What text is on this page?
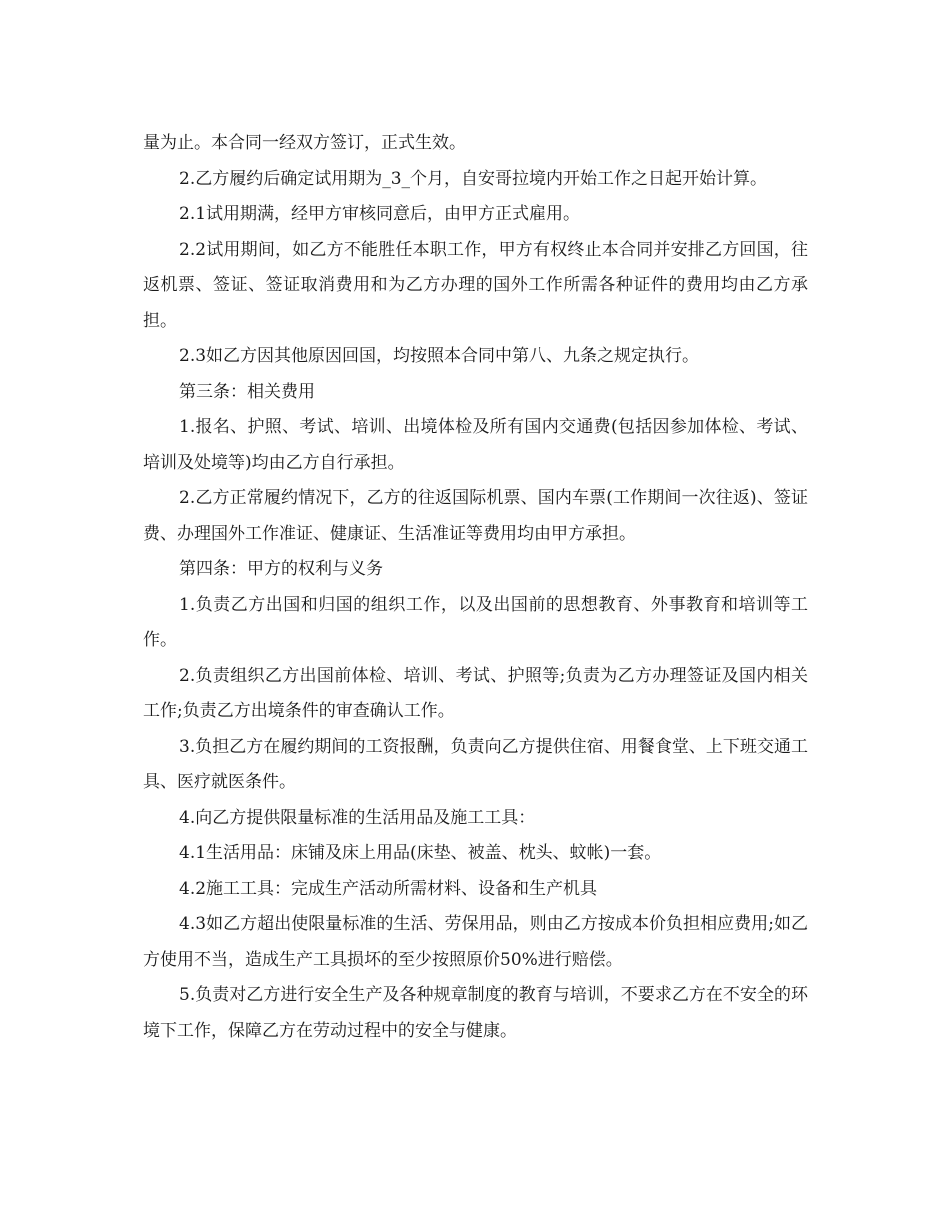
量为止。本合同一经双方签订，正式生效。

2.乙方履约后确定试用期为_3_个月，自安哥拉境内开始工作之日起开始计算。

2.1试用期满，经甲方审核同意后，由甲方正式雇用。

2.2试用期间，如乙方不能胜任本职工作，甲方有权终止本合同并安排乙方回国，往返机票、签证、签证取消费用和为乙方办理的国外工作所需各种证件的费用均由乙方承担。

2.3如乙方因其他原因回国，均按照本合同中第八、九条之规定执行。

第三条：相关费用

1.报名、护照、考试、培训、出境体检及所有国内交通费(包括因参加体检、考试、培训及处境等)均由乙方自行承担。

2.乙方正常履约情况下，乙方的往返国际机票、国内车票(工作期间一次往返)、签证费、办理国外工作准证、健康证、生活准证等费用均由甲方承担。

第四条：甲方的权利与义务

1.负责乙方出国和归国的组织工作，以及出国前的思想教育、外事教育和培训等工作。

2.负责组织乙方出国前体检、培训、考试、护照等;负责为乙方办理签证及国内相关工作;负责乙方出境条件的审查确认工作。

3.负担乙方在履约期间的工资报酬，负责向乙方提供住宿、用餐食堂、上下班交通工具、医疗就医条件。

4.向乙方提供限量标准的生活用品及施工工具：

4.1生活用品：床铺及床上用品(床垫、被盖、枕头、蚊帐)一套。

4.2施工工具：完成生产活动所需材料、设备和生产机具

4.3如乙方超出使限量标准的生活、劳保用品，则由乙方按成本价负担相应费用;如乙方使用不当，造成生产工具损坏的至少按照原价50%进行赔偿。

5.负责对乙方进行安全生产及各种规章制度的教育与培训，不要求乙方在不安全的环境下工作，保障乙方在劳动过程中的安全与健康。
